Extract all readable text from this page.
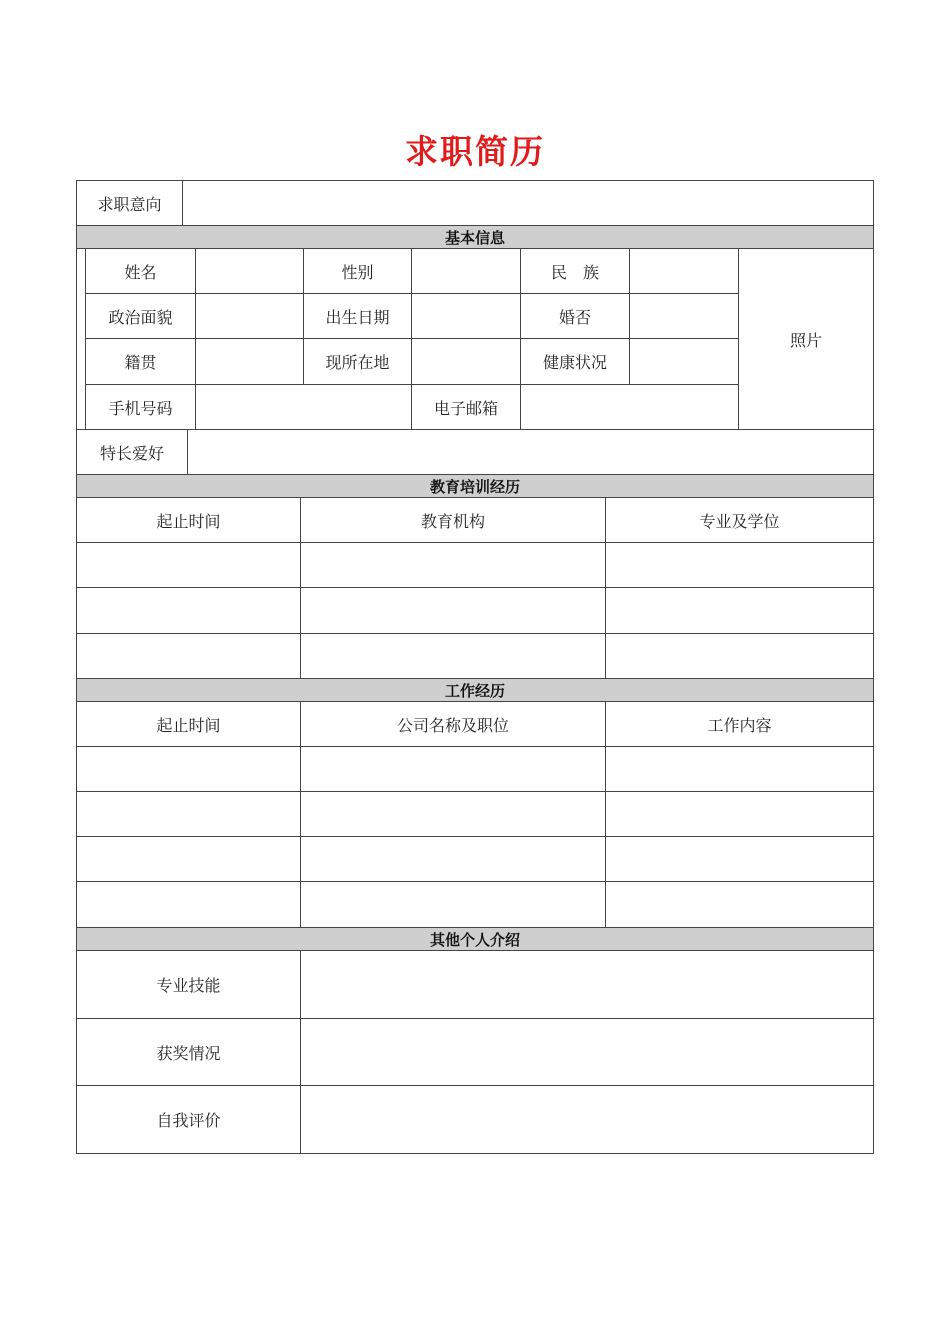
求职简历
求职意向
基本信息
姓名	性别	民　族
照片
政治面貌	出生日期	婚否
籍贯	现所在地	健康状况
手机号码	电子邮箱
特长爱好
教育培训经历
起止时间	教育机构	专业及学位
工作经历
起止时间	公司名称及职位	工作内容
其他个人介绍
专业技能
获奖情况
自我评价
